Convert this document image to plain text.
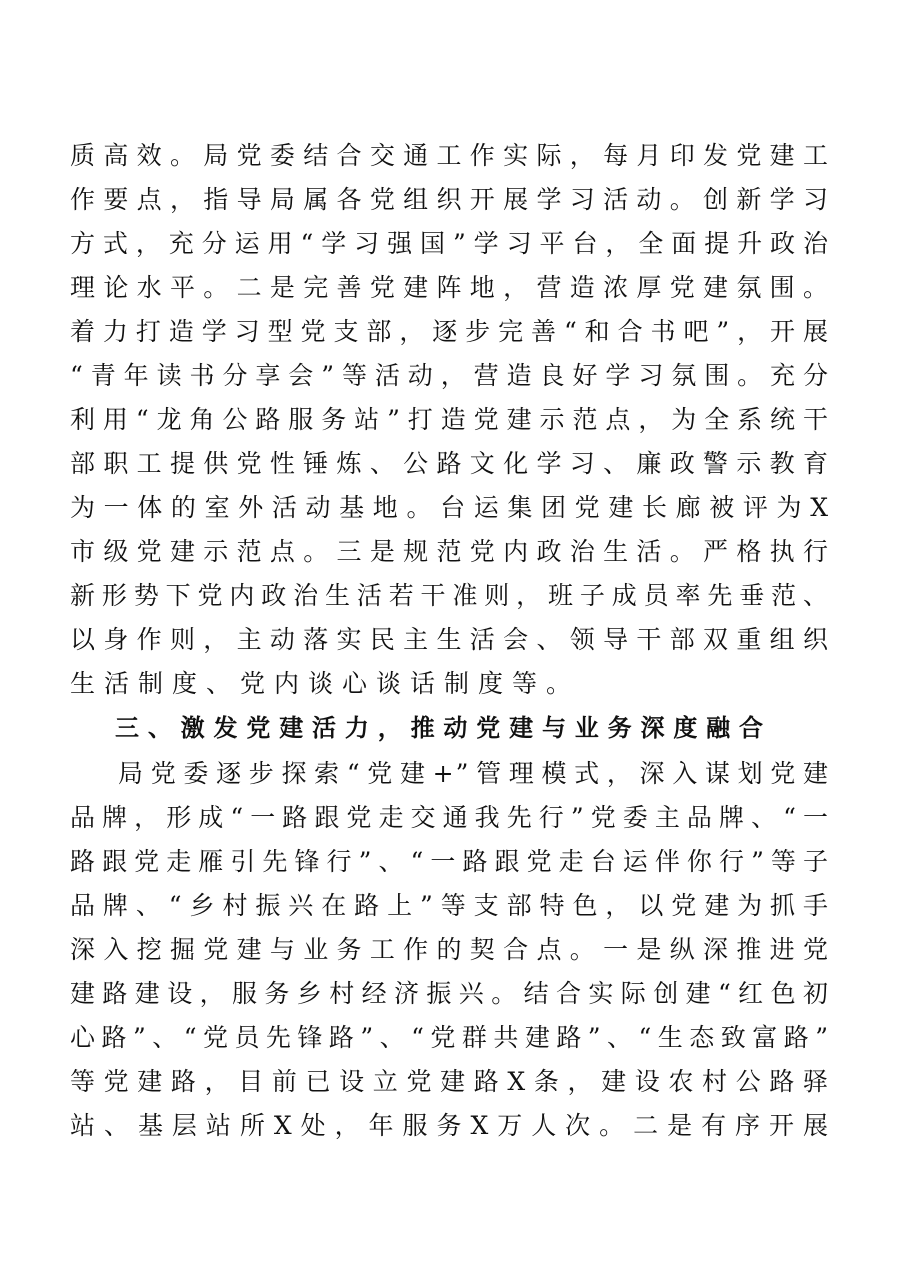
质高效。局党委结合交通工作实际，每月印发党建工
作要点，指导局属各党组织开展学习活动。创新学习
方式，充分运用“学习强国”学习平台，全面提升政治
理论水平。二是完善党建阵地，营造浓厚党建氛围。
着力打造学习型党支部，逐步完善“和合书吧”，开展
“青年读书分享会”等活动，营造良好学习氛围。充分
利用“龙角公路服务站”打造党建示范点，为全系统干
部职工提供党性锤炼、公路文化学习、廉政警示教育
为一体的室外活动基地。台运集团党建长廊被评为X
市级党建示范点。三是规范党内政治生活。严格执行
新形势下党内政治生活若干准则，班子成员率先垂范、
以身作则，主动落实民主生活会、领导干部双重组织
生活制度、党内谈心谈话制度等。
三、激发党建活力，推动党建与业务深度融合
局党委逐步探索“党建+”管理模式，深入谋划党建
品牌，形成“一路跟党走交通我先行”党委主品牌、“一
路跟党走雁引先锋行”、“一路跟党走台运伴你行”等子
品牌、“乡村振兴在路上”等支部特色，以党建为抓手
深入挖掘党建与业务工作的契合点。一是纵深推进党
建路建设，服务乡村经济振兴。结合实际创建“红色初
心路”、“党员先锋路”、“党群共建路”、“生态致富路”
等党建路，目前已设立党建路X条，建设农村公路驿
站、基层站所X处，年服务X万人次。二是有序开展
